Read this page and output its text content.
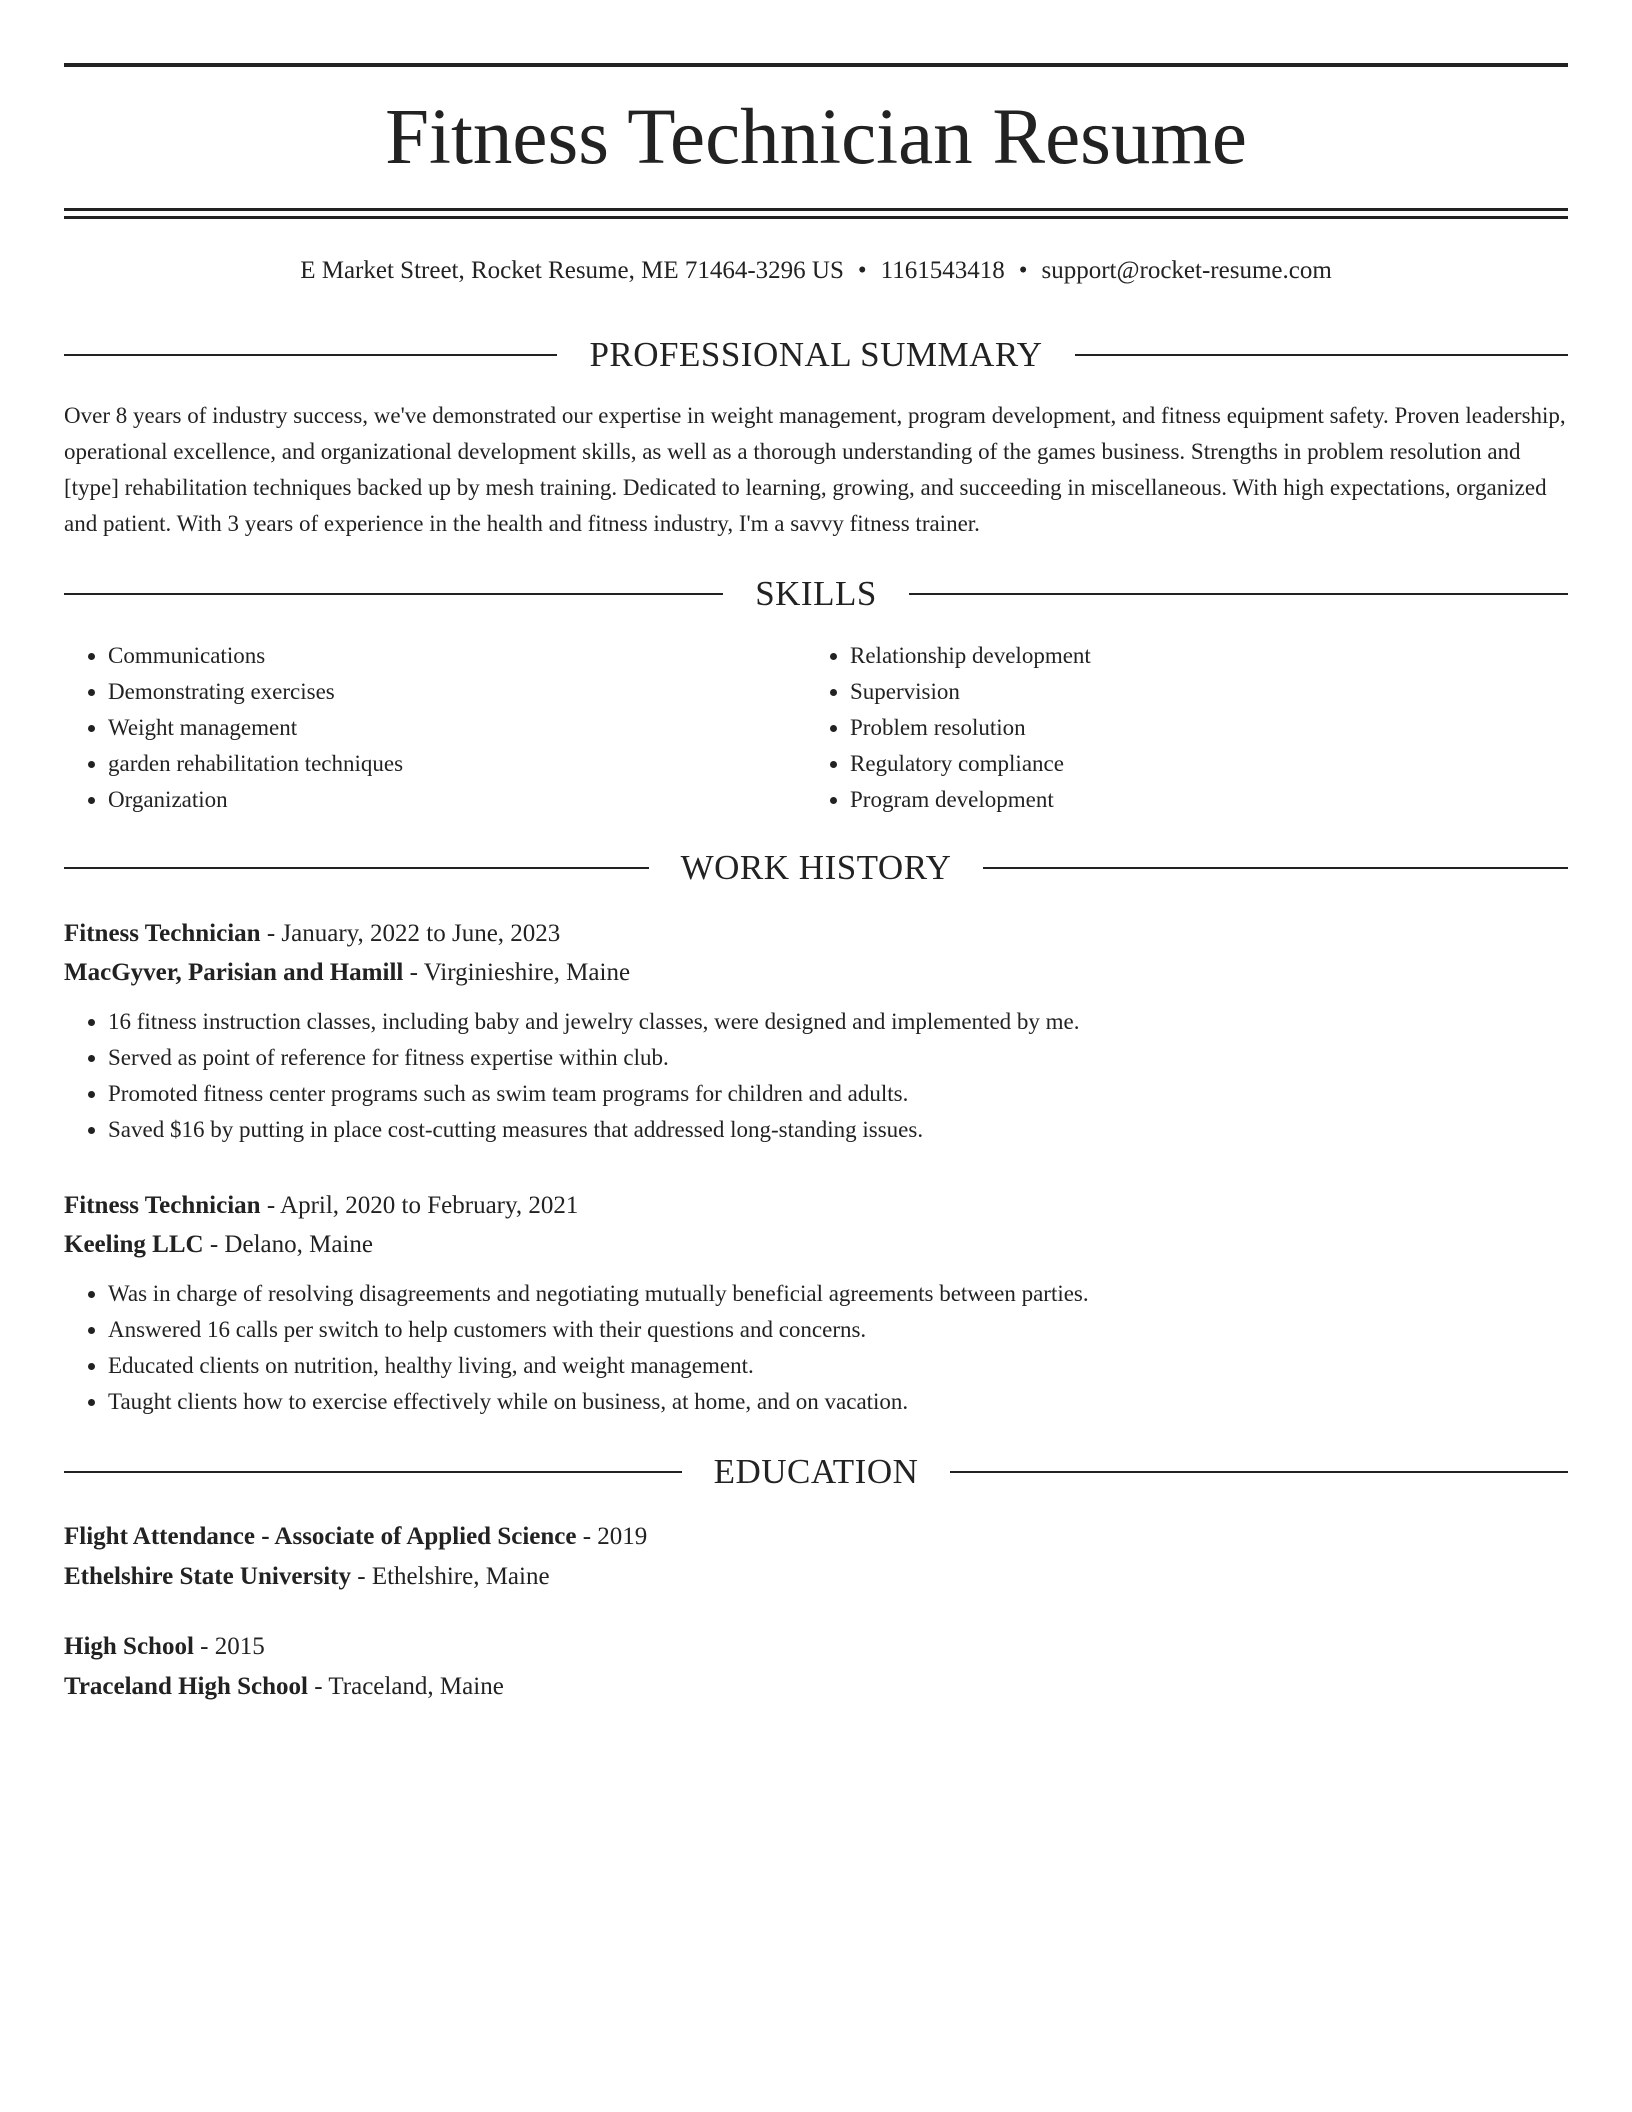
Fitness Technician Resume
E Market Street, Rocket Resume, ME 71464-3296 US • 1161543418 • support@rocket-resume.com
PROFESSIONAL SUMMARY

Over 8 years of industry success, we've demonstrated our expertise in weight management, program development, and fitness equipment safety. Proven leadership, operational excellence, and organizational development skills, as well as a thorough understanding of the games business. Strengths in problem resolution and [type] rehabilitation techniques backed up by mesh training. Dedicated to learning, growing, and succeeding in miscellaneous. With high expectations, organized and patient. With 3 years of experience in the health and fitness industry, I'm a savvy fitness trainer.

SKILLS
• Communications
• Demonstrating exercises
• Weight management
• garden rehabilitation techniques
• Organization
• Relationship development
• Supervision
• Problem resolution
• Regulatory compliance
• Program development
WORK HISTORY
Fitness Technician - January, 2022 to June, 2023
MacGyver, Parisian and Hamill - Virginieshire, Maine
• 16 fitness instruction classes, including baby and jewelry classes, were designed and implemented by me.
• Served as point of reference for fitness expertise within club.
• Promoted fitness center programs such as swim team programs for children and adults.
• Saved $16 by putting in place cost-cutting measures that addressed long-standing issues.
Fitness Technician - April, 2020 to February, 2021
Keeling LLC - Delano, Maine
• Was in charge of resolving disagreements and negotiating mutually beneficial agreements between parties.
• Answered 16 calls per switch to help customers with their questions and concerns.
• Educated clients on nutrition, healthy living, and weight management.
• Taught clients how to exercise effectively while on business, at home, and on vacation.
EDUCATION
Flight Attendance - Associate of Applied Science - 2019
Ethelshire State University - Ethelshire, Maine
High School - 2015
Traceland High School - Traceland, Maine
